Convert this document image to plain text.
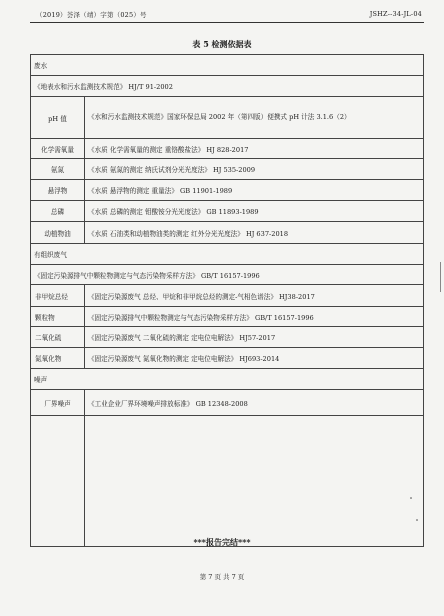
（2019）荟泽（靖）字第（025）号	JSHZ--34-JL-04
表 5 检测依据表
废水	
《地表水和污水监测技术规范》 HJ/T 91-2002	
pH 值	《水和污水监测技术规范》国家环保总局 2002 年（第四版）便携式 pH 计法 3.1.6（2）
化学需氧量	《水质 化学需氧量的测定 重铬酸盐法》 HJ 828-2017
氨氮	《水质 氨氮的测定 纳氏试剂分光光度法》 HJ 535-2009
悬浮物	《水质 悬浮物的测定 重量法》 GB 11901-1989
总磷	《水质 总磷的测定 钼酸铵分光光度法》 GB 11893-1989
动植物油	《水质 石油类和动植物油类的测定 红外分光光度法》 HJ 637-2018
有组织废气	
《固定污染源排气中颗粒物测定与气态污染物采样方法》 GB/T 16157-1996	
非甲烷总烃	《固定污染源废气 总烃、甲烷和非甲烷总烃的测定-气相色谱法》 HJ38-2017
颗粒物	《固定污染源排气中颗粒物测定与气态污染物采样方法》 GB/T 16157-1996
二氧化硫	《固定污染源废气 二氧化硫的测定 定电位电解法》 HJ57-2017
氮氧化物	《固定污染源废气 氮氧化物的测定 定电位电解法》 HJ693-2014
噪声	
厂界噪声	《工业企业厂界环境噪声排放标准》 GB 12348-2008

***报告完结***
第 7 页 共 7 页
